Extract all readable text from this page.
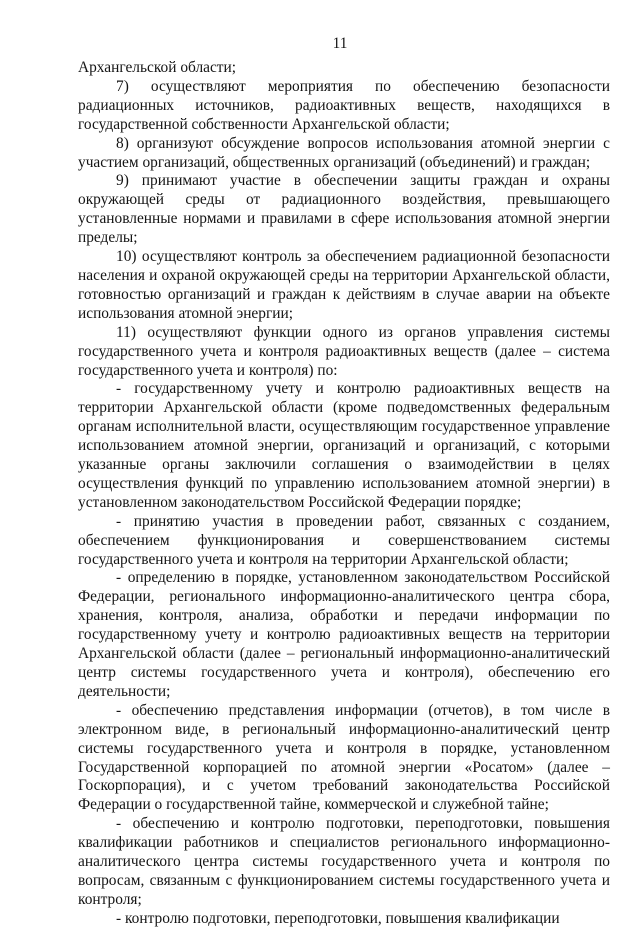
11

Архангельской области;

7) осуществляют мероприятия по обеспечению безопасности радиационных источников, радиоактивных веществ, находящихся в государственной собственности Архангельской области;

8) организуют обсуждение вопросов использования атомной энергии с участием организаций, общественных организаций (объединений) и граждан;

9) принимают участие в обеспечении защиты граждан и охраны окружающей среды от радиационного воздействия, превышающего установленные нормами и правилами в сфере использования атомной энергии пределы;

10) осуществляют контроль за обеспечением радиационной безопасности населения и охраной окружающей среды на территории Архангельской области, готовностью организаций и граждан к действиям в случае аварии на объекте использования атомной энергии;

11) осуществляют функции одного из органов управления системы государственного учета и контроля радиоактивных веществ (далее – система государственного учета и контроля) по:

- государственному учету и контролю радиоактивных веществ на территории Архангельской области (кроме подведомственных федеральным органам исполнительной власти, осуществляющим государственное управление использованием атомной энергии, организаций и организаций, с которыми указанные органы заключили соглашения о взаимодействии в целях осуществления функций по управлению использованием атомной энергии) в установленном законодательством Российской Федерации порядке;

- принятию участия в проведении работ, связанных с созданием, обеспечением функционирования и совершенствованием системы государственного учета и контроля на территории Архангельской области;

- определению в порядке, установленном законодательством Российской Федерации, регионального информационно-аналитического центра сбора, хранения, контроля, анализа, обработки и передачи информации по государственному учету и контролю радиоактивных веществ на территории Архангельской области (далее – региональный информационно-аналитический центр системы государственного учета и контроля), обеспечению его деятельности;

- обеспечению представления информации (отчетов), в том числе в электронном виде, в региональный информационно-аналитический центр системы государственного учета и контроля в порядке, установленном Государственной корпорацией по атомной энергии «Росатом» (далее – Госкорпорация), и с учетом требований законодательства Российской Федерации о государственной тайне, коммерческой и служебной тайне;

- обеспечению и контролю подготовки, переподготовки, повышения квалификации работников и специалистов регионального информационно-аналитического центра системы государственного учета и контроля по вопросам, связанным с функционированием системы государственного учета и контроля;

- контролю подготовки, переподготовки, повышения квалификации
